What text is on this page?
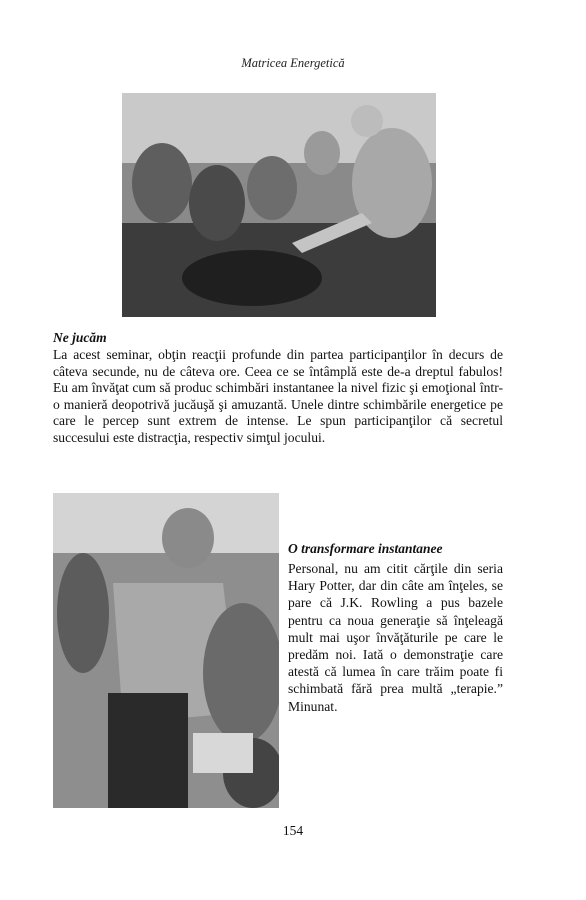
Matricea Energetică

Ne jucăm

La acest seminar, obţin reacţii profunde din partea participanţilor în decurs de câteva secunde, nu de câteva ore. Ceea ce se întâmplă este de-a dreptul fabulos! Eu am învăţat cum să produc schimbări instantanee la nivel fizic şi emoţional într-o manieră deopotrivă jucăuşă şi amuzantă. Unele dintre schimbările energetice pe care le percep sunt extrem de intense. Le spun participanţilor că secretul succesului este distracţia, respectiv simţul jocului.

O transformare instantanee

Personal, nu am citit cărţile din seria Hary Potter, dar din câte am înţeles, se pare că J.K. Rowling a pus bazele pentru ca noua generaţie să înţeleagă mult mai uşor învăţăturile pe care le predăm noi. Iată o demonstraţie care atestă că lumea în care trăim poate fi schimbată fără prea multă „terapie.” Minunat.

154
